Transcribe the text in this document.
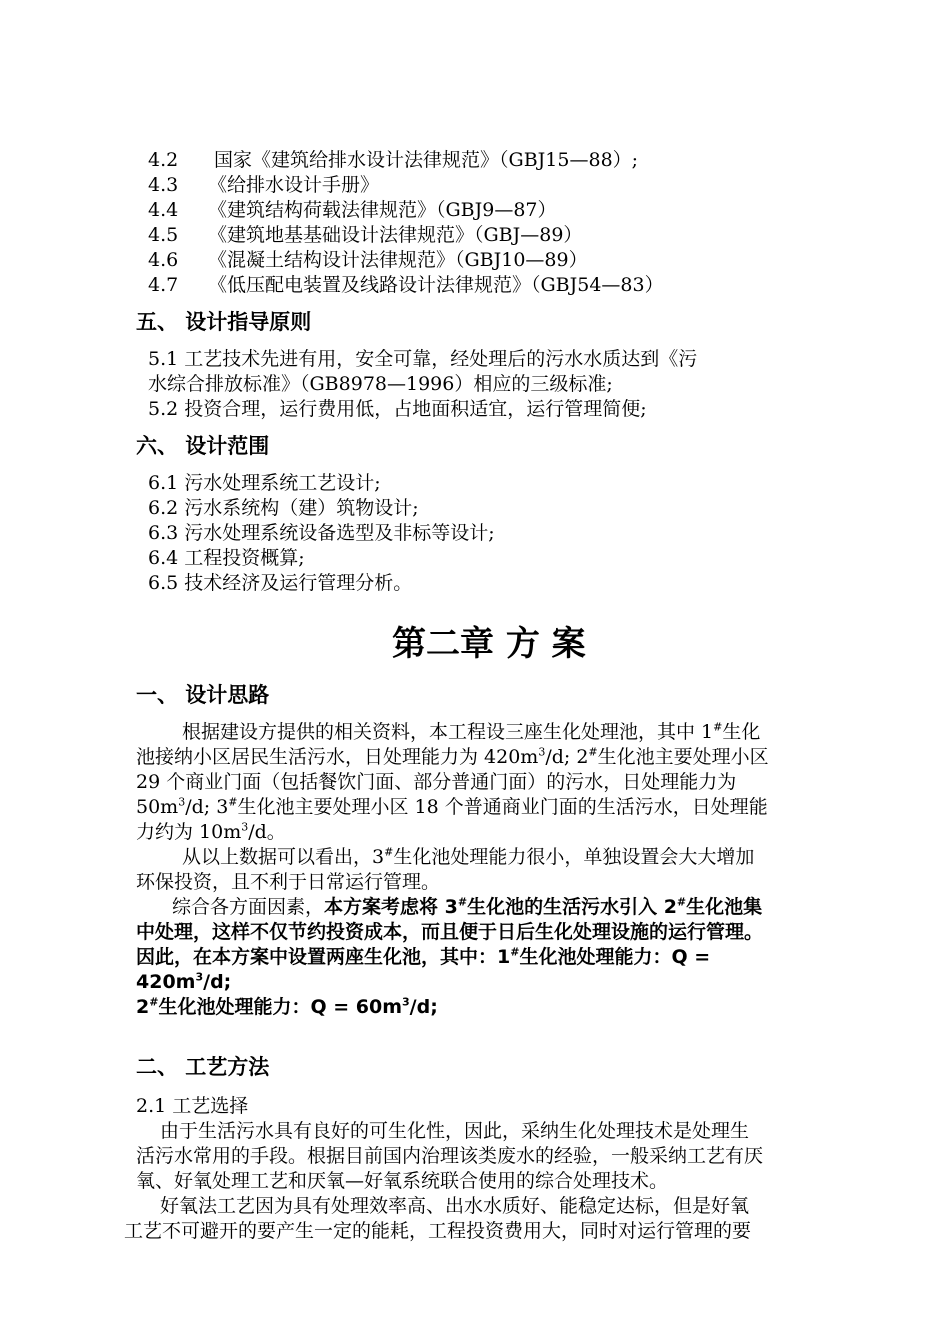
4.2 国家《建筑给排水设计法律规范》（GBJ15—88）;
4.3 《给排水设计手册》
4.4 《建筑结构荷载法律规范》（GBJ9—87）
4.5 《建筑地基基础设计法律规范》（GBJ—89）
4.6 《混凝土结构设计法律规范》（GBJ10—89）
4.7 《低压配电装置及线路设计法律规范》（GBJ54—83）
五、 设计指导原则
5.1 工艺技术先进有用，安全可靠，经处理后的污水水质达到《污
水综合排放标准》（GB8978—1996）相应的三级标准;
5.2 投资合理，运行费用低，占地面积适宜，运行管理简便;
六、 设计范围
6.1 污水处理系统工艺设计;
6.2 污水系统构（建）筑物设计;
6.3 污水处理系统设备选型及非标等设计;
6.4 工程投资概算;
6.5 技术经济及运行管理分析。
第二章 方 案
一、 设计思路
根据建设方提供的相关资料，本工程设三座生化处理池，其中 1#生化
池接纳小区居民生活污水，日处理能力为 $420m^3/d$; 2#生化池主要处理小区
29 个商业门面（包括餐饮门面、部分普通门面）的污水，日处理能力为
$50m^3/d$; 3#生化池主要处理小区 18 个普通商业门面的生活污水，日处理能
力约为 $10m^3/d$。
从以上数据可以看出，3#生化池处理能力很小，单独设置会大大增加
环保投资，且不利于日常运行管理。
综合各方面因素，本方案考虑将 3#生化池的生活污水引入 2#生化池集
中处理，这样不仅节约投资成本，而且便于日后生化处理设施的运行管理。
因此，在本方案中设置两座生化池，其中：1#生化池处理能力：Q =
$420m^3/d$;
2#生化池处理能力：$Q = 60m^3/d$;
二、 工艺方法
2.1 工艺选择
由于生活污水具有良好的可生化性，因此，采纳生化处理技术是处理生
活污水常用的手段。根据目前国内治理该类废水的经验，一般采纳工艺有厌
氧、好氧处理工艺和厌氧—好氧系统联合使用的综合处理技术。
好氧法工艺因为具有处理效率高、出水水质好、能稳定达标，但是好氧
工艺不可避开的要产生一定的能耗，工程投资费用大，同时对运行管理的要
